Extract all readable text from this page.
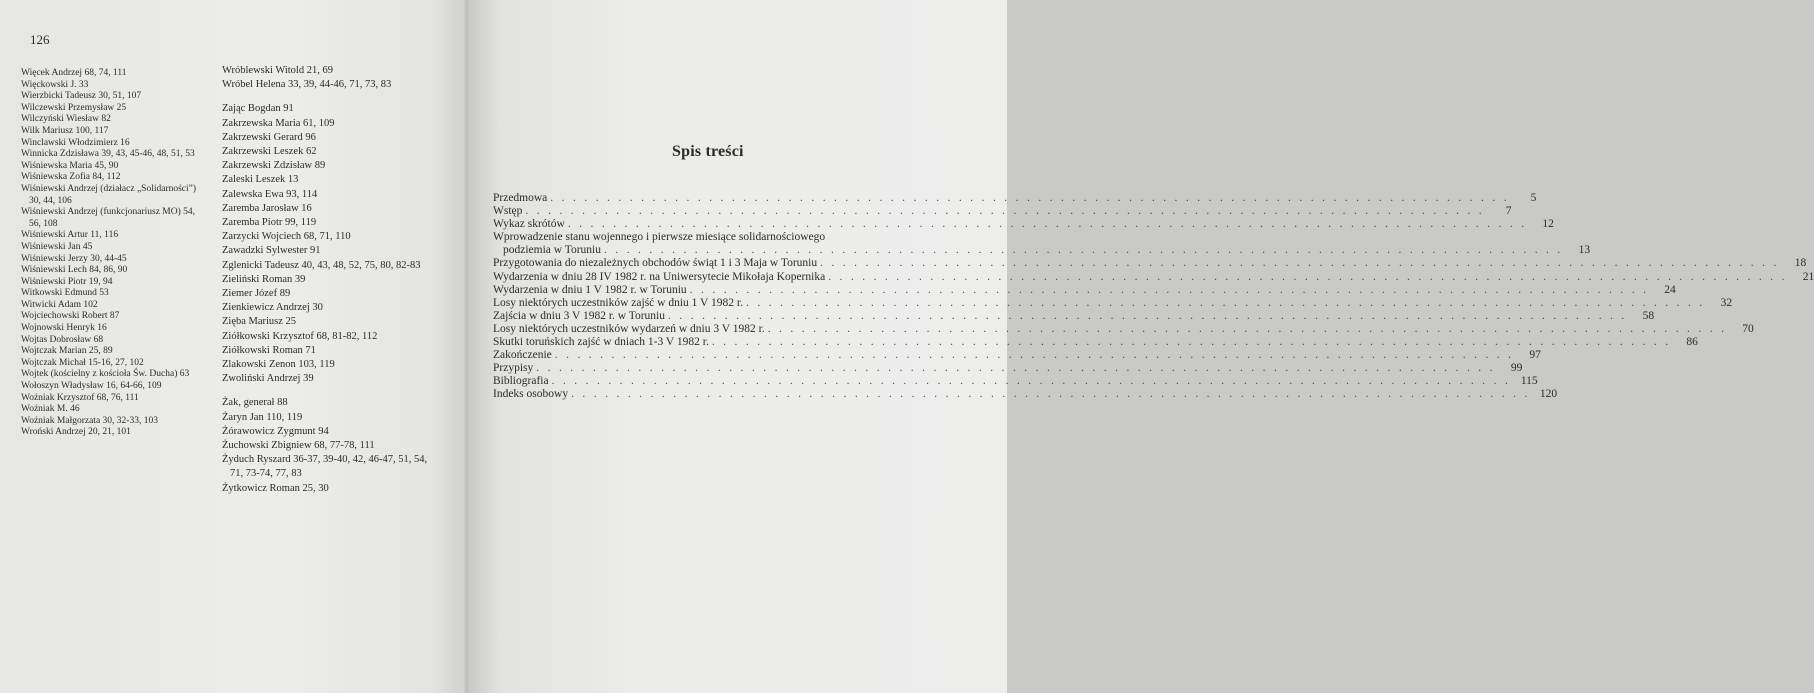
126
Więcek Andrzej 68, 74, 111
Więckowski J. 33
Wierzbicki Tadeusz 30, 51, 107
Wilczewski Przemysław 25
Wilczyński Wiesław 82
Wilk Mariusz 100, 117
Winclawski Włodzimierz 16
Winnicka Zdzisława 39, 43, 45-46, 48, 51, 53
Wiśniewska Maria 45, 90
Wiśniewska Zofia 84, 112
Wiśniewski Andrzej (działacz „Solidarności”)
30, 44, 106
Wiśniewski Andrzej (funkcjonariusz MO) 54,
56, 108
Wiśniewski Artur 11, 116
Wiśniewski Jan 45
Wiśniewski Jerzy 30, 44-45
Wiśniewski Lech 84, 86, 90
Wiśniewski Piotr 19, 94
Witkowski Edmund 53
Witwicki Adam 102
Wojciechowski Robert 87
Wojnowski Henryk 16
Wojtas Dobrosław 68
Wojtczak Marian 25, 89
Wojtczak Michał 15-16, 27, 102
Wojtek (kościelny z kościoła Św. Ducha) 63
Wołoszyn Władysław 16, 64-66, 109
Woźniak Krzysztof 68, 76, 111
Woźniak M. 46
Woźniak Małgorzata 30, 32-33, 103
Wroński Andrzej 20, 21, 101
Wróblewski Witold 21, 69
Wróbel Helena 33, 39, 44-46, 71, 73, 83
Zając Bogdan 91
Zakrzewska Maria 61, 109
Zakrzewski Gerard 96
Zakrzewski Leszek 62
Zakrzewski Zdzisław 89
Zaleski Leszek 13
Zalewska Ewa 93, 114
Zaremba Jarosław 16
Zaremba Piotr 99, 119
Zarzycki Wojciech 68, 71, 110
Zawadzki Sylwester 91
Zglenicki Tadeusz 40, 43, 48, 52, 75, 80, 82-83
Zieliński Roman 39
Ziemer Józef 89
Zienkiewicz Andrzej 30
Zięba Mariusz 25
Ziółkowski Krzysztof 68, 81-82, 112
Ziółkowski Roman 71
Zlakowski Zenon 103, 119
Zwoliński Andrzej 39
Żak, generał 88
Żaryn Jan 110, 119
Żórawowicz Zygmunt 94
Żuchowski Zbigniew 68, 77-78, 111
Żyduch Ryszard 36-37, 39-40, 42, 46-47, 51, 54,
71, 73-74, 77, 83
Żytkowicz Roman 25, 30
Spis treści
Przedmowa . . . . . . . . . . . . . . . . . . . . . . . . . . . . . . . . . . . . . . . . . . . . . . . . . . . . . . . . . . . . . . . . . . . . . . . . . . . . . . . . . . . . .	5
Wstęp . . . . . . . . . . . . . . . . . . . . . . . . . . . . . . . . . . . . . . . . . . . . . . . . . . . . . . . . . . . . . . . . . . . . . . . . . . . . . . . . . . . . .	7
Wykaz skrótów . . . . . . . . . . . . . . . . . . . . . . . . . . . . . . . . . . . . . . . . . . . . . . . . . . . . . . . . . . . . . . . . . . . . . . . . . . . . . . . . . . . . .	12
Wprowadzenie stanu wojennego i pierwsze miesiące solidarnościowego
podziemia w Toruniu . . . . . . . . . . . . . . . . . . . . . . . . . . . . . . . . . . . . . . . . . . . . . . . . . . . . . . . . . . . . . . . . . . . . . . . . . . . . . . . . . . . . .	13
Przygotowania do niezależnych obchodów świąt 1 i 3 Maja w Toruniu . . . . . . . . . . . . . . . . . . . . . . . . . . . . . . . . . . . . . . . . . . . . . . . . . . . . . . . . . . . . . . . . . . . . . . . . . . . . . . . . . . . . .	18
Wydarzenia w dniu 28 IV 1982 r. na Uniwersytecie Mikołaja Kopernika . . . . . . . . . . . . . . . . . . . . . . . . . . . . . . . . . . . . . . . . . . . . . . . . . . . . . . . . . . . . . . . . . . . . . . . . . . . . . . . . . . . . .	21
Wydarzenia w dniu 1 V 1982 r. w Toruniu . . . . . . . . . . . . . . . . . . . . . . . . . . . . . . . . . . . . . . . . . . . . . . . . . . . . . . . . . . . . . . . . . . . . . . . . . . . . . . . . . . . . .	24
Losy niektórych uczestników zajść w dniu 1 V 1982 r. . . . . . . . . . . . . . . . . . . . . . . . . . . . . . . . . . . . . . . . . . . . . . . . . . . . . . . . . . . . . . . . . . . . . . . . . . . . . . . . . . . . . .	32
Zajścia w dniu 3 V 1982 r. w Toruniu . . . . . . . . . . . . . . . . . . . . . . . . . . . . . . . . . . . . . . . . . . . . . . . . . . . . . . . . . . . . . . . . . . . . . . . . . . . . . . . . . . . . .	58
Losy niektórych uczestników wydarzeń w dniu 3 V 1982 r. . . . . . . . . . . . . . . . . . . . . . . . . . . . . . . . . . . . . . . . . . . . . . . . . . . . . . . . . . . . . . . . . . . . . . . . . . . . . . . . . . . . . .	70
Skutki toruńskich zajść w dniach 1-3 V 1982 r. . . . . . . . . . . . . . . . . . . . . . . . . . . . . . . . . . . . . . . . . . . . . . . . . . . . . . . . . . . . . . . . . . . . . . . . . . . . . . . . . . . . . .	86
Zakończenie . . . . . . . . . . . . . . . . . . . . . . . . . . . . . . . . . . . . . . . . . . . . . . . . . . . . . . . . . . . . . . . . . . . . . . . . . . . . . . . . . . . . .	97
Przypisy . . . . . . . . . . . . . . . . . . . . . . . . . . . . . . . . . . . . . . . . . . . . . . . . . . . . . . . . . . . . . . . . . . . . . . . . . . . . . . . . . . . . .	99
Bibliografia . . . . . . . . . . . . . . . . . . . . . . . . . . . . . . . . . . . . . . . . . . . . . . . . . . . . . . . . . . . . . . . . . . . . . . . . . . . . . . . . . . . . . 115
Indeks osobowy . . . . . . . . . . . . . . . . . . . . . . . . . . . . . . . . . . . . . . . . . . . . . . . . . . . . . . . . . . . . . . . . . . . . . . . . . . . . . . . . . . . . . 120
